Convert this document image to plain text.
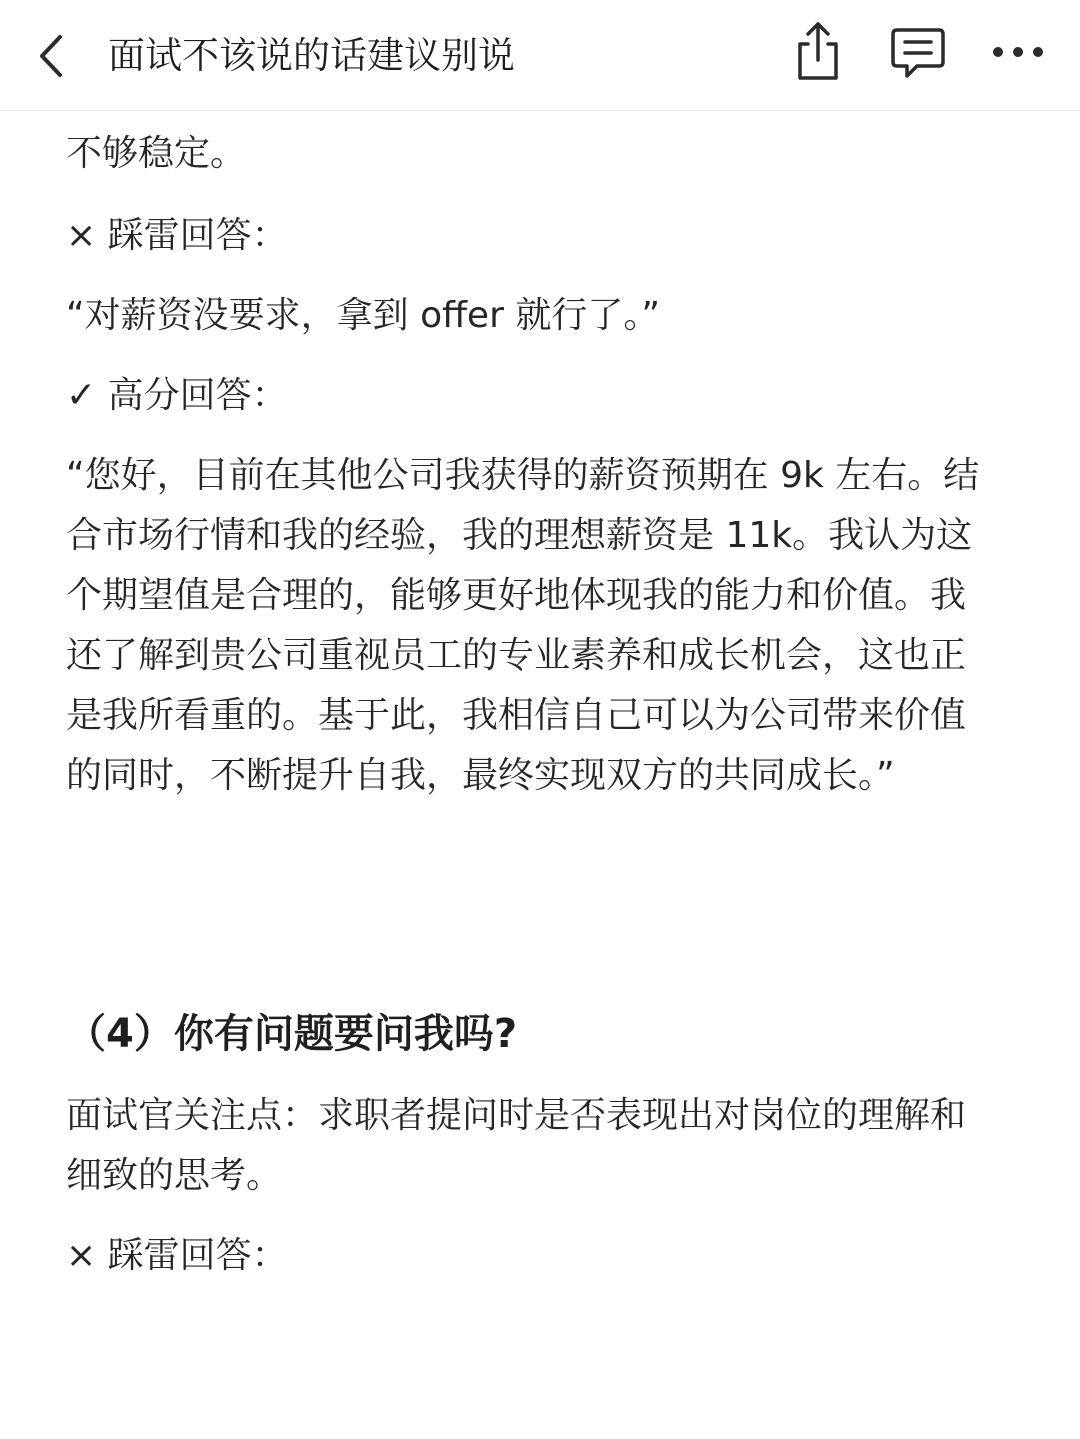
不够稳定。

× 踩雷回答：

“对薪资没要求，拿到 offer 就行了。”

✓ 高分回答：

“您好，目前在其他公司我获得的薪资预期在 9k 左右。结合市场行情和我的经验，我的理想薪资是 11k。我认为这个期望值是合理的，能够更好地体现我的能力和价值。我还了解到贵公司重视员工的专业素养和成长机会，这也正是我所看重的。基于此，我相信自己可以为公司带来价值的同时，不断提升自我，最终实现双方的共同成长。”

（4）你有问题要问我吗?

面试官关注点：求职者提问时是否表现出对岗位的理解和细致的思考。

× 踩雷回答：

面试不该说的话建议别说
